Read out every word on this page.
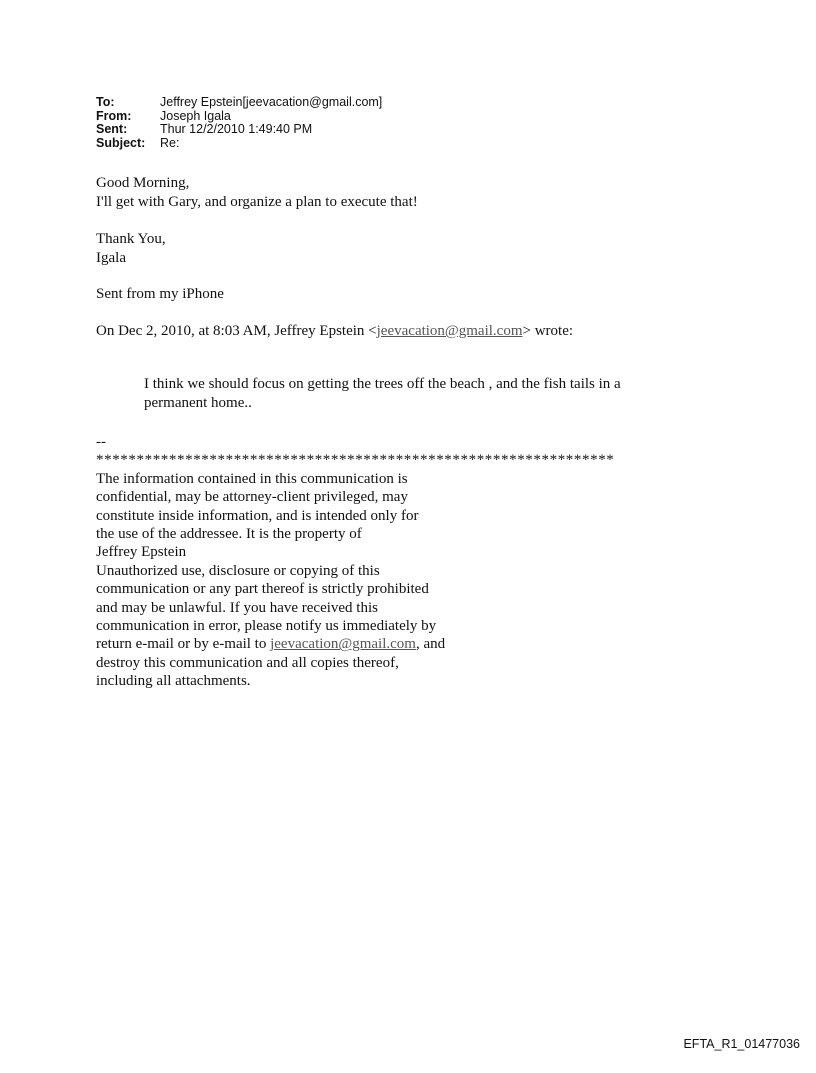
To:	Jeffrey Epstein[jeevacation@gmail.com]
From:	Joseph Igala
Sent:	Thur 12/2/2010 1:49:40 PM
Subject:	Re:
Good Morning,
I'll get with Gary, and organize a plan to execute that!
Thank You,
Igala
Sent from my iPhone
On Dec 2, 2010, at 8:03 AM, Jeffrey Epstein <jeevacation@gmail.com> wrote:
I think we should focus on getting the trees off the beach , and the fish tails in a permanent home..
--
****************************************************************
The information contained in this communication is
confidential, may be attorney-client privileged, may
constitute inside information, and is intended only for
the use of the addressee. It is the property of
Jeffrey Epstein
Unauthorized use, disclosure or copying of this
communication or any part thereof is strictly prohibited
and may be unlawful. If you have received this
communication in error, please notify us immediately by
return e-mail or by e-mail to jeevacation@gmail.com, and
destroy this communication and all copies thereof,
including all attachments.
EFTA_R1_01477036
